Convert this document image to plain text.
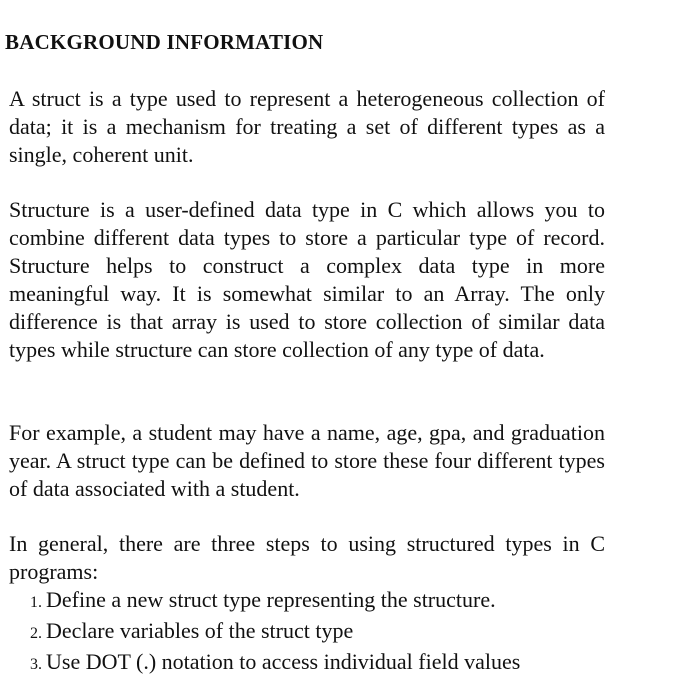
BACKGROUND INFORMATION

A struct is a type used to represent a heterogeneous collection of data; it is a mechanism for treating a set of different types as a single, coherent unit.

Structure is a user-defined data type in C which allows you to combine different data types to store a particular type of record. Structure helps to construct a complex data type in more meaningful way. It is somewhat similar to an Array. The only difference is that array is used to store collection of similar data types while structure can store collection of any type of data.

For example, a student may have a name, age, gpa, and graduation year. A struct type can be defined to store these four different types of data associated with a student.

In general, there are three steps to using structured types in C programs:

1. Define a new struct type representing the structure.
2. Declare variables of the struct type
3. Use DOT (.) notation to access individual field values
